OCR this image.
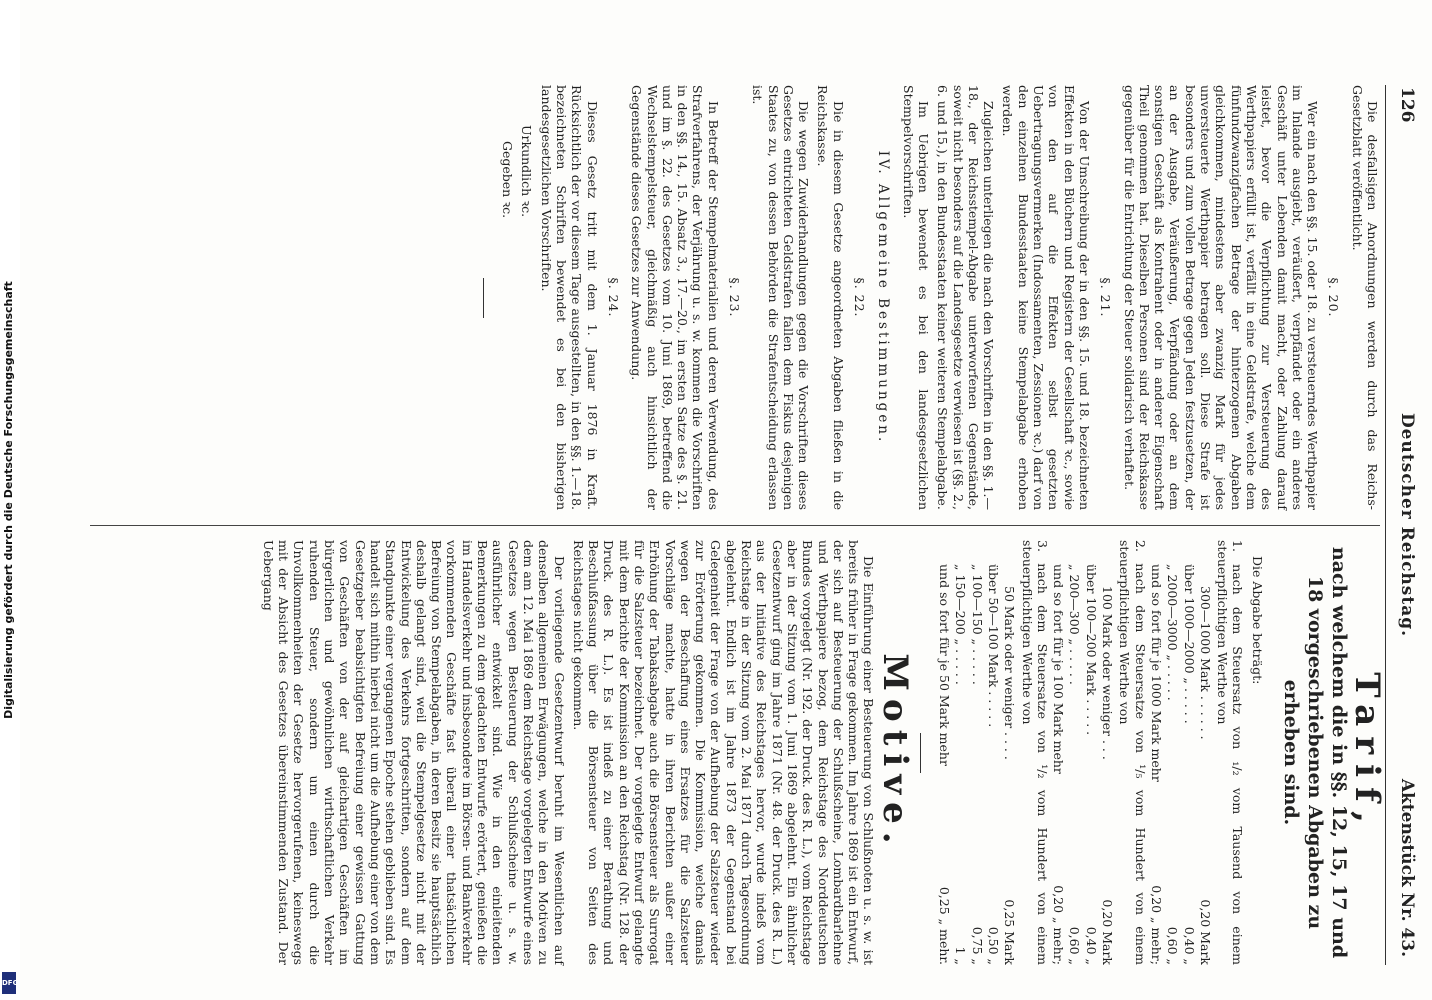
Digitalisierung gefördert durch die Deutsche Forschungsgemeinschaft
DFG
126
Deutscher Reichstag.
Aktenstück Nr. 43.

Die desfallsigen Anordnungen werden durch das Reichs-Gesetzblatt veröffentlicht.

§. 20.

Wer ein nach den §§. 15. oder 18. zu versteuerndes Werthpapier im Inlande ausgiebt, veräußert, verpfändet oder ein anderes Geschäft unter Lebenden damit macht, oder Zahlung darauf leistet, bevor die Verpflichtung zur Versteuerung des Werthpapiers erfüllt ist, verfällt in eine Geldstrafe, welche dem fünfundzwanzigfachen Betrage der hinterzogenen Abgaben gleichkommen, mindestens aber zwanzig Mark für jedes unversteuerte Werthpapier betragen soll. Diese Strafe ist besonders und zum vollen Betrage gegen Jeden festzusetzen, der an der Ausgabe, Veräußerung, Verpfändung oder an dem sonstigen Geschäft als Kontrahent oder in anderer Eigenschaft Theil genommen hat. Dieselben Personen sind der Reichskasse gegenüber für die Entrichtung der Steuer solidarisch verhaftet.

§. 21.

Von der Umschreibung der in den §§. 15. und 18. bezeichneten Effekten in den Büchern und Registern der Gesellschaft ꝛc., sowie von den auf die Effekten selbst gesetzten Uebertragungsvermerken (Indossamenten, Zessionen ꝛc.) darf von den einzelnen Bundesstaaten keine Stempelabgabe erhoben werden.

Zugleichen unterliegen die nach den Vorschriften in den §§. 1.—18., der Reichsstempel-Abgabe unterworfenen Gegenstände, soweit nicht besonders auf die Landesgesetze verwiesen ist (§§. 2., 6. und 15.), in den Bundesstaaten keiner weiteren Stempelabgabe.

Im Uebrigen bewendet es bei den landesgesetzlichen Stempelvorschriften.

IV. Allgemeine Bestimmungen.
§. 22.

Die in diesem Gesetze angeordneten Abgaben fließen in die Reichskasse.

Die wegen Zuwiderhandlungen gegen die Vorschriften dieses Gesetzes entrichteten Geldstrafen fallen dem Fiskus desjenigen Staates zu, von dessen Behörden die Strafentscheidung erlassen ist.

§. 23.

In Betreff der Stempelmaterialien und deren Verwendung, des Strafverfahrens, der Verjährung u. s. w. kommen die Vorschriften in den §§. 14., 15. Absatz 3., 17.—20., im ersten Satze des §. 21. und im §. 22. des Gesetzes vom 10. Juni 1869, betreffend die Wechselstempelsteuer, gleichmäßig auch hinsichtlich der Gegenstände dieses Gesetzes zur Anwendung.

§. 24.

Dieses Gesetz tritt mit dem 1. Januar 1876 in Kraft. Rücksichtlich der vor diesem Tage ausgestellten, in den §§. 1.—18. bezeichneten Schriften bewendet es bei den bisherigen landesgesetzlichen Vorschriften.

Urkundlich ꝛc.

Gegeben ꝛc.

Tarif,
nach welchem die in §§. 12, 15, 17 und 18 vorgeschriebenen Abgaben zu erheben sind.

Die Abgabe beträgt:

1. nach dem Steuersatz von ₁/₂ vom Tausend von einem steuerpflichtigen Werthe von

300—1000 Mark . . . . . .
0,20 Mark
über 1000—2000 „ . . . . .
0,40 „
„ 2000—3000 „ . . . . .
0,60 „
und so fort für je 1000 Mark mehr
0,20 „ mehr;

2. nach dem Steuersatze von ¹/₅ vom Hundert von einem steuerpflichtigen Werthe von

100 Mark oder weniger . . .
0,20 Mark
über 100—200 Mark . . . . .
0,40 „
„ 200—300 „ . . . . .
0,60 „
und so fort für je 100 Mark mehr
0,20 „ mehr;

3. nach dem Steuersatze von ¹/₂ vom Hundert von einem steuerpflichtigen Werthe von

50 Mark oder weniger . . . .
0,25 Mark
über 50—100 Mark . . . . .
0,50 „
„ 100—150 „ . . . . .
0,75 „
„ 150—200 „ . . . . .
1 „
und so fort für je 50 Mark mehr
0,25 „ mehr.
Motive.

Die Einführung einer Besteuerung von Schlußnoten u. s. w. ist bereits früher in Frage gekommen. Im Jahre 1869 ist ein Entwurf, der sich auf Besteuerung der Schlußscheine, Lombardbarlehne und Werthpapiere bezog, dem Reichstage des Norddeutschen Bundes vorgelegt (Nr. 192. der Druck. des R. L.), vom Reichstage aber in der Sitzung vom 1. Juni 1869 abgelehnt. Ein ähnlicher Gesetzentwurf ging im Jahre 1871 (Nr. 48. der Druck. des R. L.) aus der Initiative des Reichstages hervor, wurde indeß vom Reichstage in der Sitzung vom 2. Mai 1871 durch Tagesordnung abgelehnt. Endlich ist im Jahre 1873 der Gegenstand bei Gelegenheit der Frage von der Aufhebung der Salzsteuer wieder zur Erörterung gekommen. Die Kommission, welche damals wegen der Beschaffung eines Ersatzes für die Salzsteuer Vorschläge machte, hatte in ihren Berichten außer einer Erhöhung der Tabaksabgabe auch die Börsensteuer als Surrogat für die Salzsteuer bezeichnet. Der vorgelegte Entwurf gelangte mit dem Berichte der Kommission an den Reichstag (Nr. 128. der Druck. des R. L.). Es ist indeß zu einer Berathung und Beschlußfassung über die Börsensteuer von Seiten des Reichstages nicht gekommen.

Der vorliegende Gesetzentwurf beruht im Wesentlichen auf denselben allgemeinen Erwägungen, welche in den Motiven zu dem am 12. Mai 1869 dem Reichstage vorgelegten Entwurfe eines Gesetzes wegen Besteuerung der Schlußscheine u. s. w. ausführlicher entwickelt sind. Wie in den einleitenden Bemerkungen zu dem gedachten Entwurfe erörtert, genießen die im Handelsverkehr und insbesondere im Börsen- und Bankverkehr vorkommenden Geschäfte fast überall einer thatsächlichen Befreiung von Stempelabgaben, in deren Besitz sie hauptsächlich deshalb gelangt sind, weil die Stempelgesetze nicht mit der Entwickelung des Verkehrs fortgeschritten, sondern auf dem Standpunkte einer vergangenen Epoche stehen geblieben sind. Es handelt sich mithin hierbei nicht um die Aufhebung einer von dem Gesetzgeber beabsichtigten Befreiung einer gewissen Gattung von Geschäften von der auf gleichartigen Geschäften im bürgerlichen und gewöhnlichen wirthschaftlichen Verkehr ruhenden Steuer, sondern um einen durch die Unvollkommenheiten der Gesetze hervorgerufenen, keineswegs mit der Absicht des Gesetzes übereinstimmenden Zustand. Der Uebergang
